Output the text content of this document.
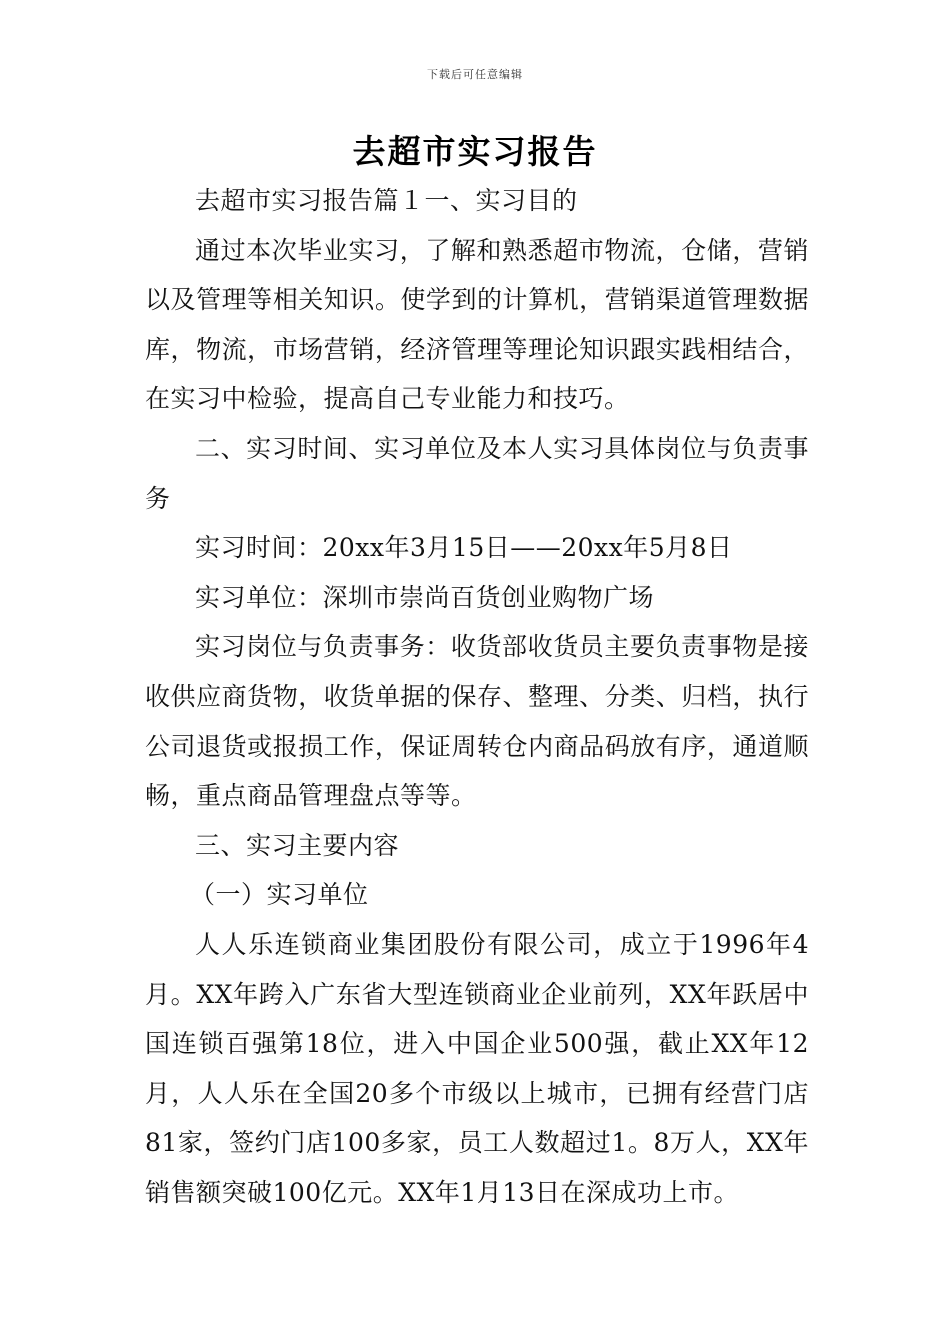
下载后可任意编辑
去超市实习报告

去超市实习报告篇１一、实习目的

通过本次毕业实习，了解和熟悉超市物流，仓储，营销以及管理等相关知识。使学到的计算机，营销渠道管理数据库，物流，市场营销，经济管理等理论知识跟实践相结合，在实习中检验，提高自己专业能力和技巧。

二、实习时间、实习单位及本人实习具体岗位与负责事务

实习时间：20xx年3月15日——20xx年5月8日

实习单位：深圳市崇尚百货创业购物广场

实习岗位与负责事务：收货部收货员主要负责事物是接收供应商货物，收货单据的保存、整理、分类、归档，执行公司退货或报损工作，保证周转仓内商品码放有序，通道顺畅，重点商品管理盘点等等。

三、实习主要内容

（一）实习单位

人人乐连锁商业集团股份有限公司，成立于1996年4月。XX年跨入广东省大型连锁商业企业前列，XX年跃居中国连锁百强第18位，进入中国企业500强，截止XX年12月，人人乐在全国20多个市级以上城市，已拥有经营门店81家，签约门店100多家，员工人数超过1。8万人，XX年销售额突破100亿元。XX年1月13日在深成功上市。
